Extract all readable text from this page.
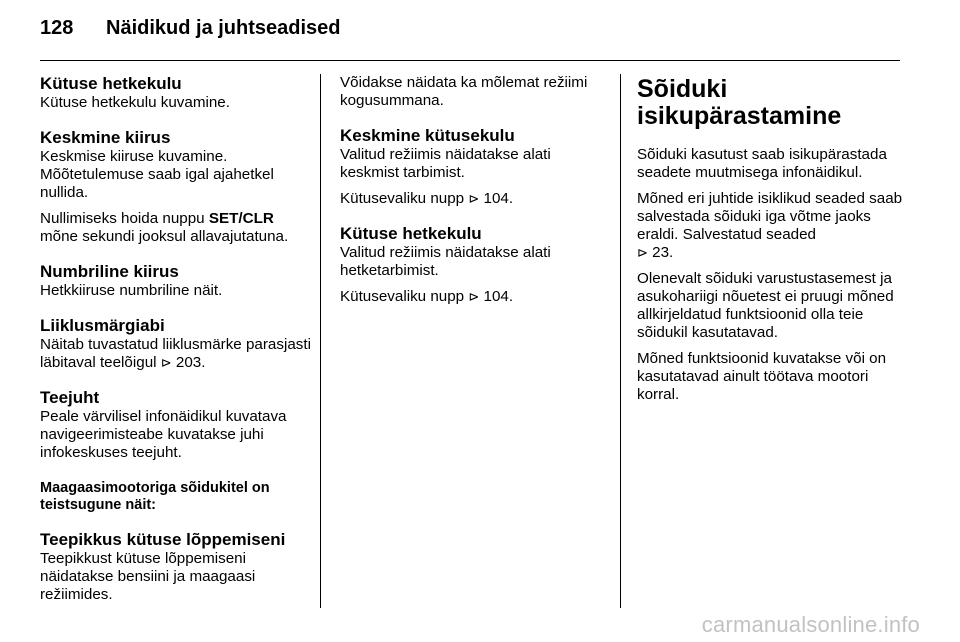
128 Näidikud ja juhtseadised
Kütuse hetkekulu

Kütuse hetkekulu kuvamine.

Keskmine kiirus

Keskmise kiiruse kuvamine.

Mõõtetulemuse saab igal ajahetkel nullida.

Nullimiseks hoida nuppu SET/CLR mõne sekundi jooksul allavajutatuna.

Numbriline kiirus

Hetkkiiruse numbriline näit.

Liiklusmärgiabi

Näitab tuvastatud liiklusmärke parasjasti läbitaval teelõigul ⊳ 203.

Teejuht

Peale värvilisel infonäidikul kuvatava navigeerimisteabe kuvatakse juhi infokeskuses teejuht.

Maagaasimootoriga sõidukitel on teistsugune näit:
Teepikkus kütuse lõppemiseni

Teepikkust kütuse lõppemiseni näidatakse bensiini ja maagaasi režiimides.

Võidakse näidata ka mõlemat režiimi kogusummana.

Keskmine kütusekulu

Valitud režiimis näidatakse alati keskmist tarbimist.

Kütusevaliku nupp ⊳ 104.

Kütuse hetkekulu

Valitud režiimis näidatakse alati hetketarbimist.

Kütusevaliku nupp ⊳ 104.

Sõiduki
isikupärastamine

Sõiduki kasutust saab isikupärastada seadete muutmisega infonäidikul.

Mõned eri juhtide isiklikud seaded saab salvestada sõiduki iga võtme jaoks eraldi. Salvestatud seaded
⊳ 23.

Olenevalt sõiduki varustustasemest ja asukohariigi nõuetest ei pruugi mõned allkirjeldatud funktsioonid olla teie sõidukil kasutatavad.

Mõned funktsioonid kuvatakse või on kasutatavad ainult töötava mootori korral.

carmanualsonline.info
